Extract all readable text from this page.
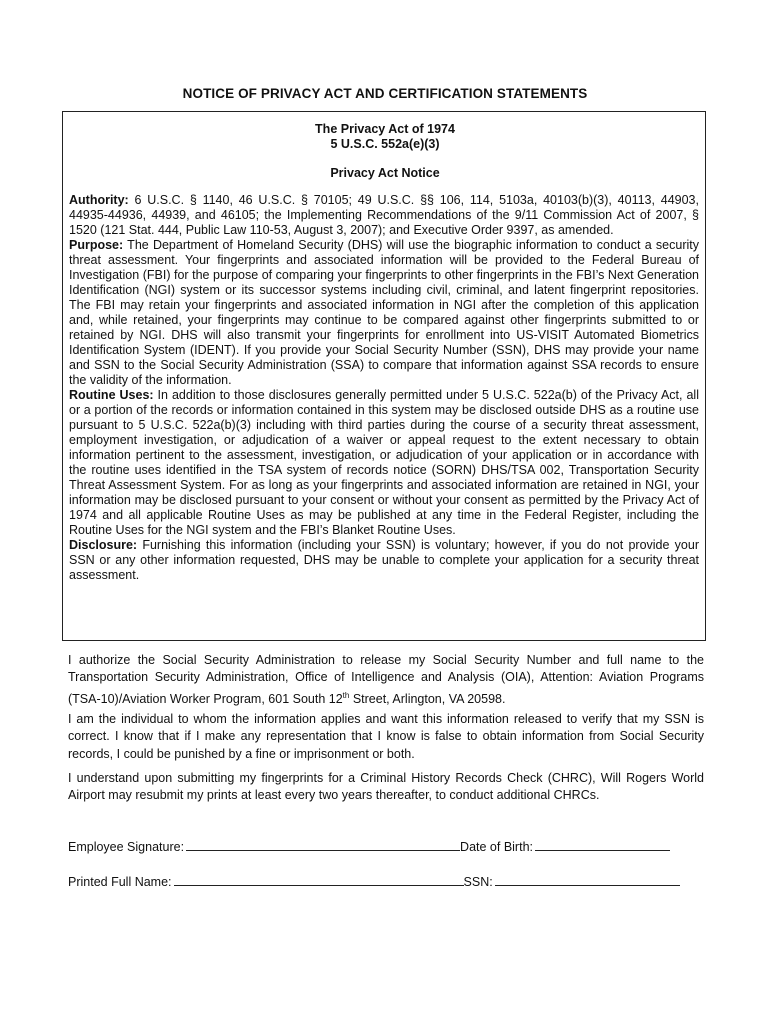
NOTICE OF PRIVACY ACT AND CERTIFICATION STATEMENTS
The Privacy Act of 1974
5 U.S.C. 552a(e)(3)
Privacy Act Notice

Authority: 6 U.S.C. § 1140, 46 U.S.C. § 70105; 49 U.S.C. §§ 106, 114, 5103a, 40103(b)(3), 40113, 44903, 44935-44936, 44939, and 46105; the Implementing Recommendations of the 9/11 Commission Act of 2007, § 1520 (121 Stat. 444, Public Law 110-53, August 3, 2007); and Executive Order 9397, as amended.

Purpose: The Department of Homeland Security (DHS) will use the biographic information to conduct a security threat assessment. Your fingerprints and associated information will be provided to the Federal Bureau of Investigation (FBI) for the purpose of comparing your fingerprints to other fingerprints in the FBI’s Next Generation Identification (NGI) system or its successor systems including civil, criminal, and latent fingerprint repositories. The FBI may retain your fingerprints and associated information in NGI after the completion of this application and, while retained, your fingerprints may continue to be compared against other fingerprints submitted to or retained by NGI. DHS will also transmit your fingerprints for enrollment into US-VISIT Automated Biometrics Identification System (IDENT). If you provide your Social Security Number (SSN), DHS may provide your name and SSN to the Social Security Administration (SSA) to compare that information against SSA records to ensure the validity of the information.

Routine Uses: In addition to those disclosures generally permitted under 5 U.S.C. 522a(b) of the Privacy Act, all or a portion of the records or information contained in this system may be disclosed outside DHS as a routine use pursuant to 5 U.S.C. 522a(b)(3) including with third parties during the course of a security threat assessment, employment investigation, or adjudication of a waiver or appeal request to the extent necessary to obtain information pertinent to the assessment, investigation, or adjudication of your application or in accordance with the routine uses identified in the TSA system of records notice (SORN) DHS/TSA 002, Transportation Security Threat Assessment System. For as long as your fingerprints and associated information are retained in NGI, your information may be disclosed pursuant to your consent or without your consent as permitted by the Privacy Act of 1974 and all applicable Routine Uses as may be published at any time in the Federal Register, including the Routine Uses for the NGI system and the FBI’s Blanket Routine Uses.

Disclosure: Furnishing this information (including your SSN) is voluntary; however, if you do not provide your SSN or any other information requested, DHS may be unable to complete your application for a security threat assessment.

I authorize the Social Security Administration to release my Social Security Number and full name to the Transportation Security Administration, Office of Intelligence and Analysis (OIA), Attention: Aviation Programs (TSA-10)/Aviation Worker Program, 601 South 12th Street, Arlington, VA 20598.

I am the individual to whom the information applies and want this information released to verify that my SSN is correct. I know that if I make any representation that I know is false to obtain information from Social Security records, I could be punished by a fine or imprisonment or both.

I understand upon submitting my fingerprints for a Criminal History Records Check (CHRC), Will Rogers World Airport may resubmit my prints at least every two years thereafter, to conduct additional CHRCs.

Employee Signature:	Date of Birth:
Printed Full Name:	SSN:
